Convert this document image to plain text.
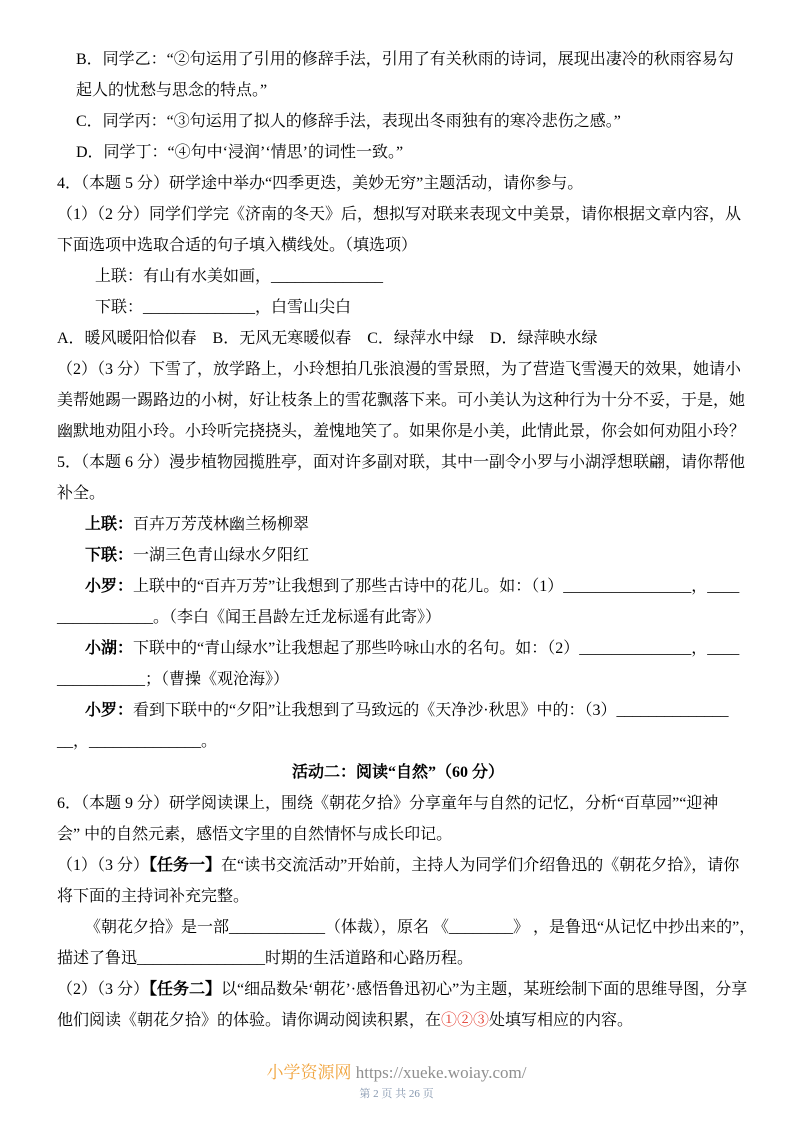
B．同学乙：“②句运用了引用的修辞手法，引用了有关秋雨的诗词，展现出凄冷的秋雨容易勾

起人的忧愁与思念的特点。”

C．同学丙：“③句运用了拟人的修辞手法，表现出冬雨独有的寒冷悲伤之感。”

D．同学丁：“④句中‘浸润’‘情思’的词性一致。”

4．（本题 5 分）研学途中举办“四季更迭，美妙无穷”主题活动，请你参与。

（1）（2 分）同学们学完《济南的冬天》后，想拟写对联来表现文中美景，请你根据文章内容，从

下面选项中选取合适的句子填入横线处。（填选项）

上联：有山有水美如画，______________

下联：______________，白雪山尖白

A．暖风暖阳恰似春　B．无风无寒暖似春　C．绿萍水中绿　D．绿萍映水绿

（2）（3 分）下雪了，放学路上，小玲想拍几张浪漫的雪景照，为了营造飞雪漫天的效果，她请小

美帮她踢一踢路边的小树，好让枝条上的雪花飘落下来。可小美认为这种行为十分不妥，于是，她

幽默地劝阻小玲。小玲听完挠挠头，羞愧地笑了。如果你是小美，此情此景，你会如何劝阻小玲？

5．（本题 6 分）漫步植物园揽胜亭，面对许多副对联，其中一副令小罗与小湖浮想联翩，请你帮他

补全。

上联：百卉万芳茂林幽兰杨柳翠

下联：一湖三色青山绿水夕阳红

小罗：上联中的“百卉万芳”让我想到了那些古诗中的花儿。如：（1）________________，____

____________。（李白《闻王昌龄左迁龙标遥有此寄》）

小湖：下联中的“青山绿水”让我想起了那些吟咏山水的名句。如：（2）______________，____

___________；（曹操《观沧海》）

小罗：看到下联中的“夕阳”让我想到了马致远的《天净沙·秋思》中的：（3）______________

__，______________。

活动二：阅读“自然”（60 分）

6．（本题 9 分）研学阅读课上，围绕《朝花夕拾》分享童年与自然的记忆，分析“百草园”“迎神

会” 中的自然元素，感悟文字里的自然情怀与成长印记。

（1）（3 分）【任务一】在“读书交流活动”开始前，主持人为同学们介绍鲁迅的《朝花夕拾》，请你

将下面的主持词补充完整。

《朝花夕拾》是一部____________（体裁），原名 《________》 ，是鲁迅“从记忆中抄出来的”，

描述了鲁迅________________时期的生活道路和心路历程。

（2）（3 分）【任务二】以“细品数朵‘朝花’·感悟鲁迅初心”为主题，某班绘制下面的思维导图，分享

他们阅读《朝花夕拾》的体验。请你调动阅读积累，在①②③处填写相应的内容。

小学资源网 https://xueke.woiay.com/
第 2 页 共 26 页
